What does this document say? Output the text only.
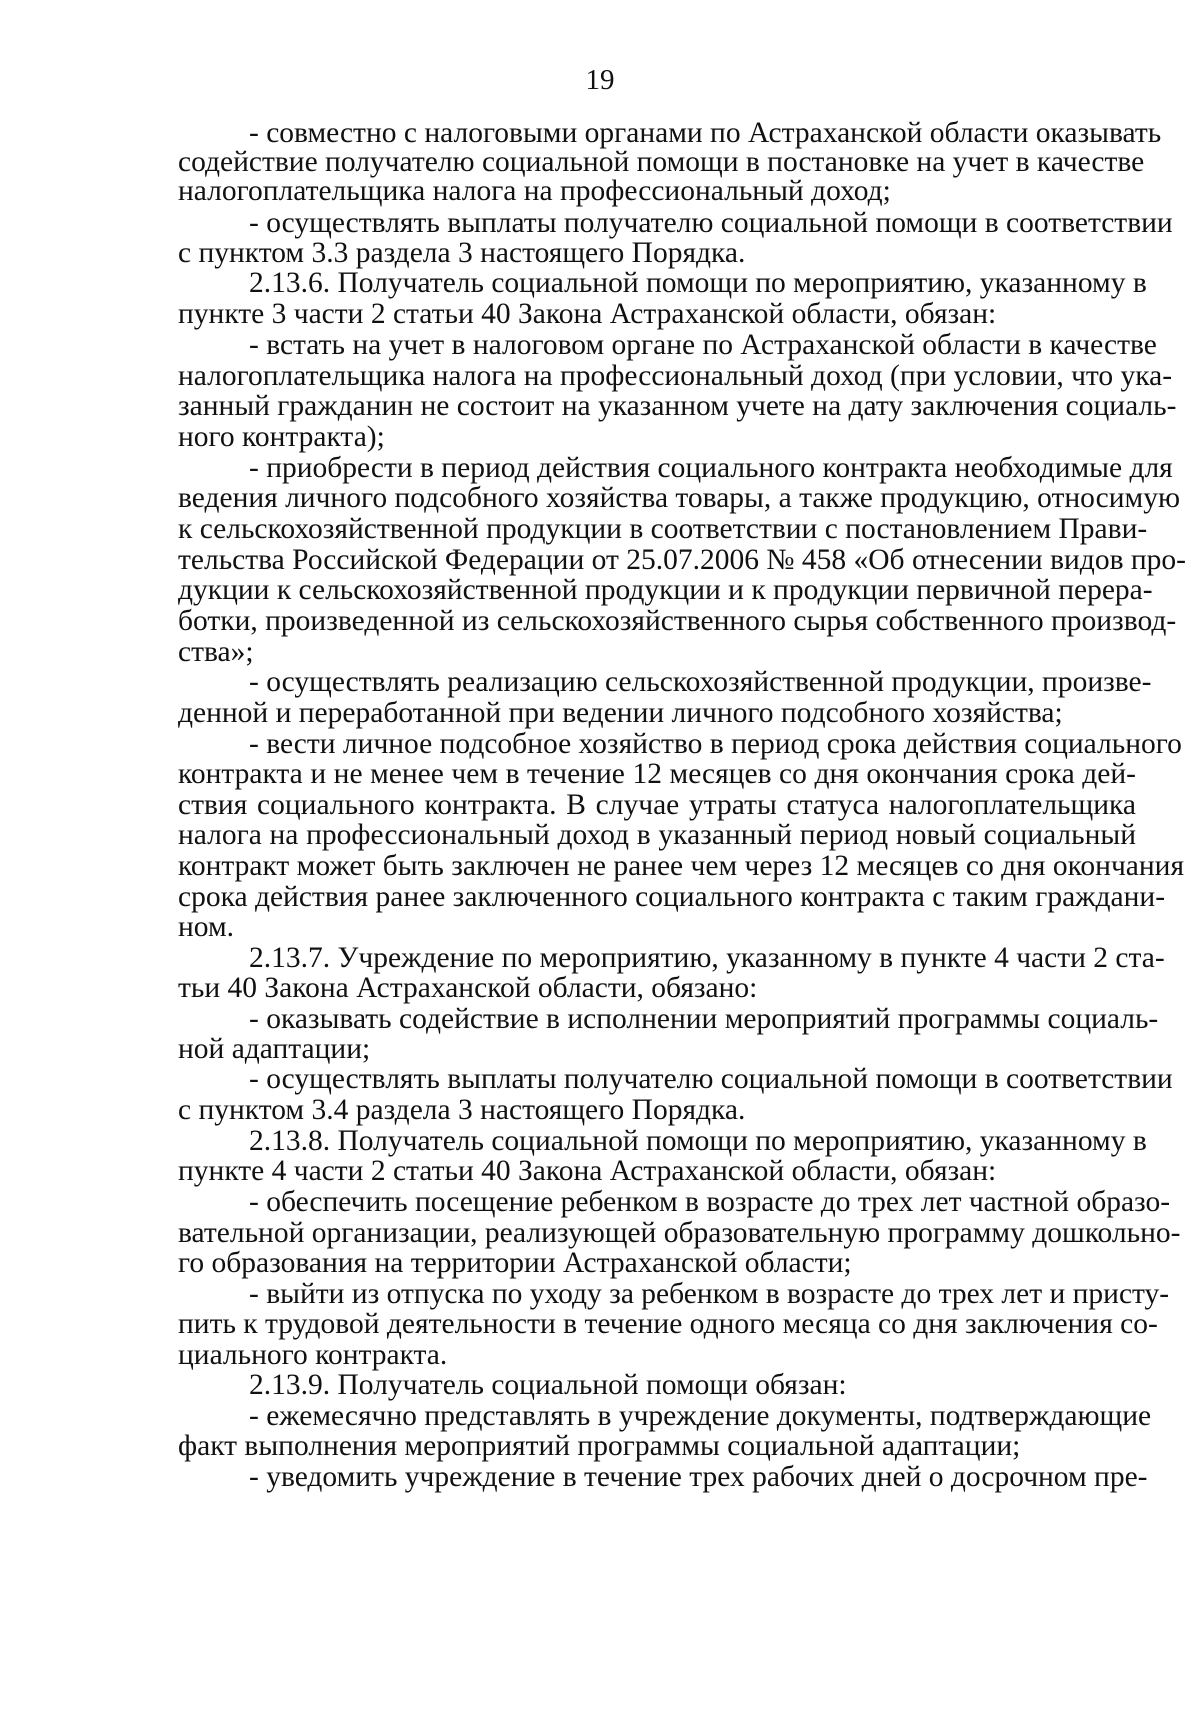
19
- совместно с налоговыми органами по Астраханской области оказывать
содействие получателю социальной помощи в постановке на учет в качестве
налогоплательщика налога на профессиональный доход;
- осуществлять выплаты получателю социальной помощи в соответствии
с пунктом 3.3 раздела 3 настоящего Порядка.
2.13.6. Получатель социальной помощи по мероприятию, указанному в
пункте 3 части 2 статьи 40 Закона Астраханской области, обязан:
- встать на учет в налоговом органе по Астраханской области в качестве
налогоплательщика налога на профессиональный доход (при условии, что ука-
занный гражданин не состоит на указанном учете на дату заключения социаль-
ного контракта);
- приобрести в период действия социального контракта необходимые для
ведения личного подсобного хозяйства товары, а также продукцию, относимую
к сельскохозяйственной продукции в соответствии с постановлением Прави-
тельства Российской Федерации от 25.07.2006 № 458 «Об отнесении видов про-
дукции к сельскохозяйственной продукции и к продукции первичной перера-
ботки, произведенной из сельскохозяйственного сырья собственного производ-
ства»;
- осуществлять реализацию сельскохозяйственной продукции, произве-
денной и переработанной при ведении личного подсобного хозяйства;
- вести личное подсобное хозяйство в период срока действия социального
контракта и не менее чем в течение 12 месяцев со дня окончания срока дей-
ствия социального контракта. В случае утраты статуса налогоплательщика
налога на профессиональный доход в указанный период новый социальный
контракт может быть заключен не ранее чем через 12 месяцев со дня окончания
срока действия ранее заключенного социального контракта с таким граждани-
ном.
2.13.7. Учреждение по мероприятию, указанному в пункте 4 части 2 ста-
тьи 40 Закона Астраханской области, обязано:
- оказывать содействие в исполнении мероприятий программы социаль-
ной адаптации;
- осуществлять выплаты получателю социальной помощи в соответствии
с пунктом 3.4 раздела 3 настоящего Порядка.
2.13.8. Получатель социальной помощи по мероприятию, указанному в
пункте 4 части 2 статьи 40 Закона Астраханской области, обязан:
- обеспечить посещение ребенком в возрасте до трех лет частной образо-
вательной организации, реализующей образовательную программу дошкольно-
го образования на территории Астраханской области;
- выйти из отпуска по уходу за ребенком в возрасте до трех лет и присту-
пить к трудовой деятельности в течение одного месяца со дня заключения со-
циального контракта.
2.13.9. Получатель социальной помощи обязан:
- ежемесячно представлять в учреждение документы, подтверждающие
факт выполнения мероприятий программы социальной адаптации;
- уведомить учреждение в течение трех рабочих дней о досрочном пре-
